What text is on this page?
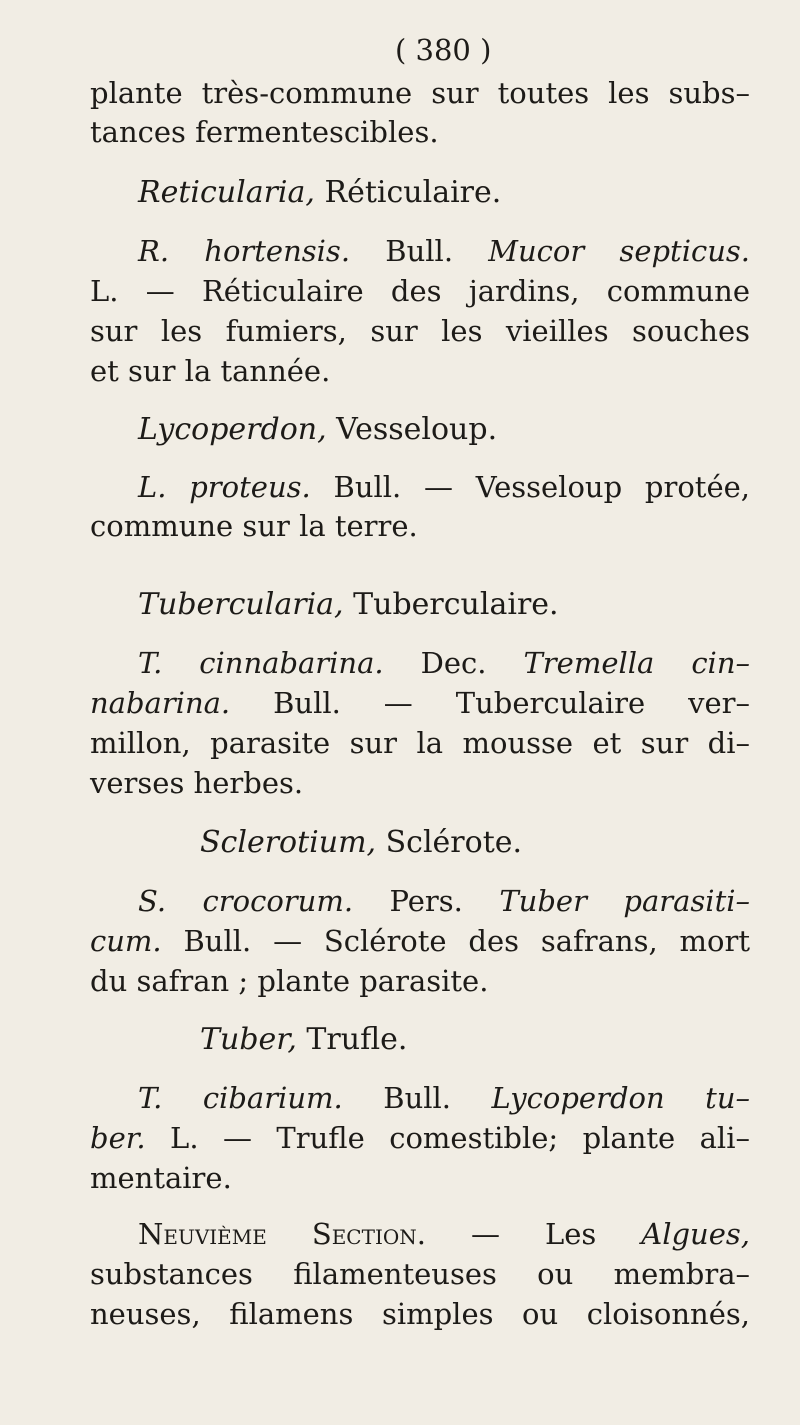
( 380 )
plante très-commune sur toutes les subs–
tances fermentescibles.
Reticularia, Réticulaire.
R. hortensis. Bull. Mucor septicus.
L. — Réticulaire des jardins, commune
sur les fumiers, sur les vieilles souches
et sur la tannée.
Lycoperdon, Vesseloup.
L. proteus. Bull. — Vesseloup protée,
commune sur la terre.
Tubercularia, Tuberculaire.
T. cinnabarina. Dec. Tremella cin–
nabarina. Bull. — Tuberculaire ver–
millon, parasite sur la mousse et sur di–
verses herbes.
Sclerotium, Sclérote.
S. crocorum. Pers. Tuber parasiti–
cum. Bull. — Sclérote des safrans, mort
du safran ; plante parasite.
Tuber, Trufle.
T. cibarium. Bull. Lycoperdon tu–
ber. L. — Trufle comestible; plante ali–
mentaire.
Neuvième Section. — Les Algues,
substances filamenteuses ou membra–
neuses, filamens simples ou cloisonnés,
